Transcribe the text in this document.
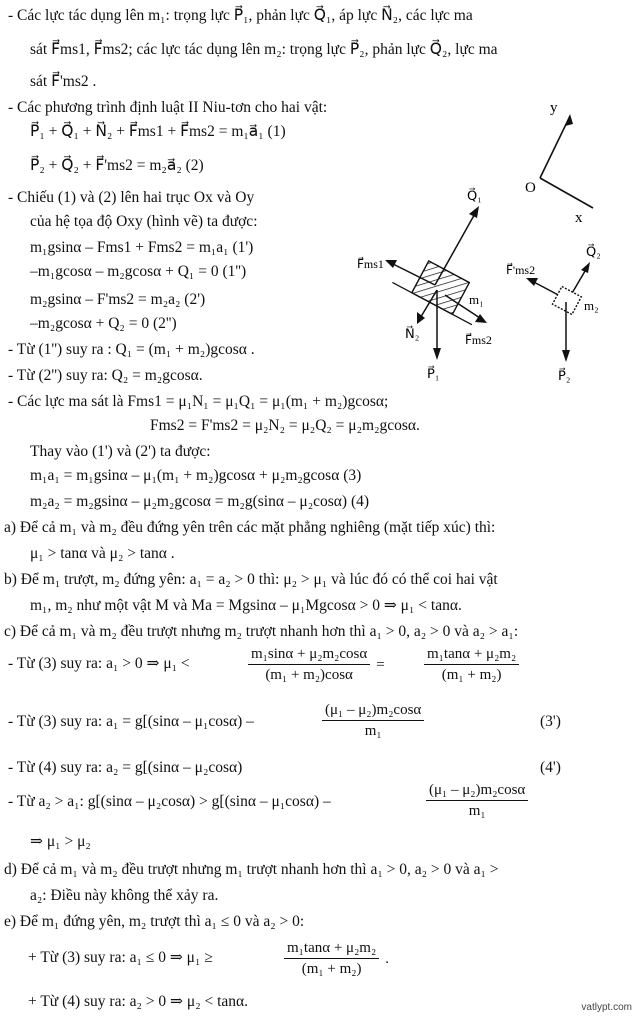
- Các lực tác dụng lên m₁: trọng lực P⃗₁, phản lực Q⃗₁, áp lực N⃗₂, các lực ma
sát F⃗ms1, F⃗ms2; các lực tác dụng lên m₂: trọng lực P⃗₂, phản lực Q⃗₂, lực ma
sát F⃗'ms2 .
- Các phương trình định luật II Niu-tơn cho hai vật:
P⃗₁ + Q⃗₁ + N⃗₂ + F⃗ms1 + F⃗ms2 = m₁a⃗₁ (1)
P⃗₂ + Q⃗₂ + F⃗'ms2 = m₂a⃗₂ (2)
- Chiếu (1) và (2) lên hai trục Ox và Oy
của hệ tọa độ Oxy (hình vẽ) ta được:
m₁gsinα – Fms1 + Fms2 = m₁a₁ (1')
–m₁gcosα – m₂gcosα + Q₁ = 0 (1'')
m₂gsinα – F'ms2 = m₂a₂ (2')
–m₂gcosα + Q₂ = 0 (2'')
- Từ (1'') suy ra : Q₁ = (m₁ + m₂)gcosα .
- Từ (2'') suy ra: Q₂ = m₂gcosα.
- Các lực ma sát là Fms1 = μ₁N₁ = μ₁Q₁ = μ₁(m₁ + m₂)gcosα;
Fms2 = F'ms2 = μ₂N₂ = μ₂Q₂ = μ₂m₂gcosα.
Thay vào (1') và (2') ta được:
m₁a₁ = m₁gsinα – μ₁(m₁ + m₂)gcosα + μ₂m₂gcosα (3)
m₂a₂ = m₂gsinα – μ₂m₂gcosα = m₂g(sinα – μ₂cosα) (4)
a) Để cả m₁ và m₂ đều đứng yên trên các mặt phẳng nghiêng (mặt tiếp xúc) thì:
μ₁ > tanα và μ₂ > tanα .
b) Để m₁ trượt, m₂ đứng yên: a₁ = a₂ > 0 thì: μ₂ > μ₁ và lúc đó có thể coi hai vật
m₁, m₂ như một vật M và Ma = Mgsinα – μ₁Mgcosα > 0 ⇒ μ₁ < tanα.
c) Để cả m₁ và m₂ đều trượt nhưng m₂ trượt nhanh hơn thì a₁ > 0, a₂ > 0 và a₂ > a₁:
- Từ (3) suy ra: a₁ > 0 ⇒ μ₁ <
- Từ (3) suy ra: a₁ = g[(sinα – μ₁cosα) –
- Từ (4) suy ra: a₂ = g[(sinα – μ₂cosα)
- Từ a₂ > a₁: g[(sinα – μ₂cosα) > g[(sinα – μ₁cosα) –
⇒ μ₁ > μ₂
d) Để cả m₁ và m₂ đều trượt nhưng m₁ trượt nhanh hơn thì a₁ > 0, a₂ > 0 và a₁ >
a₂: Điều này không thể xảy ra.
e) Để m₁ đứng yên, m₂ trượt thì a₁ ≤ 0 và a₂ > 0:
+ Từ (3) suy ra: a₁ ≤ 0 ⇒ μ₁ ≥
+ Từ (4) suy ra: a₂ > 0 ⇒ μ₂ < tanα.
$\frac{\text{m₁sinα + μ₂m₂cosα}}{\text{(m₁ + m₂)cosα}}$ =	$\frac{\text{m₁tanα + μ₂m₂}}{\text{(m₁ + m₂)}}$
$\frac{\text{(μ₁ – μ₂)m₂cosα}}{\text{m₁}}$
$\frac{\text{(μ₁ – μ₂)m₂cosα}}{\text{m₁}}$
$\frac{\text{m₁tanα + μ₂m₂}}{\text{(m₁ + m₂)}}$ .
(3')
(4')
y
O
x
Q⃗₁
F⃗ms1
N⃗₂	F⃗ms2
m₁
P⃗₁
Q⃗₂
F⃗'ms2
m₂
P⃗₂
vatlypt.com
